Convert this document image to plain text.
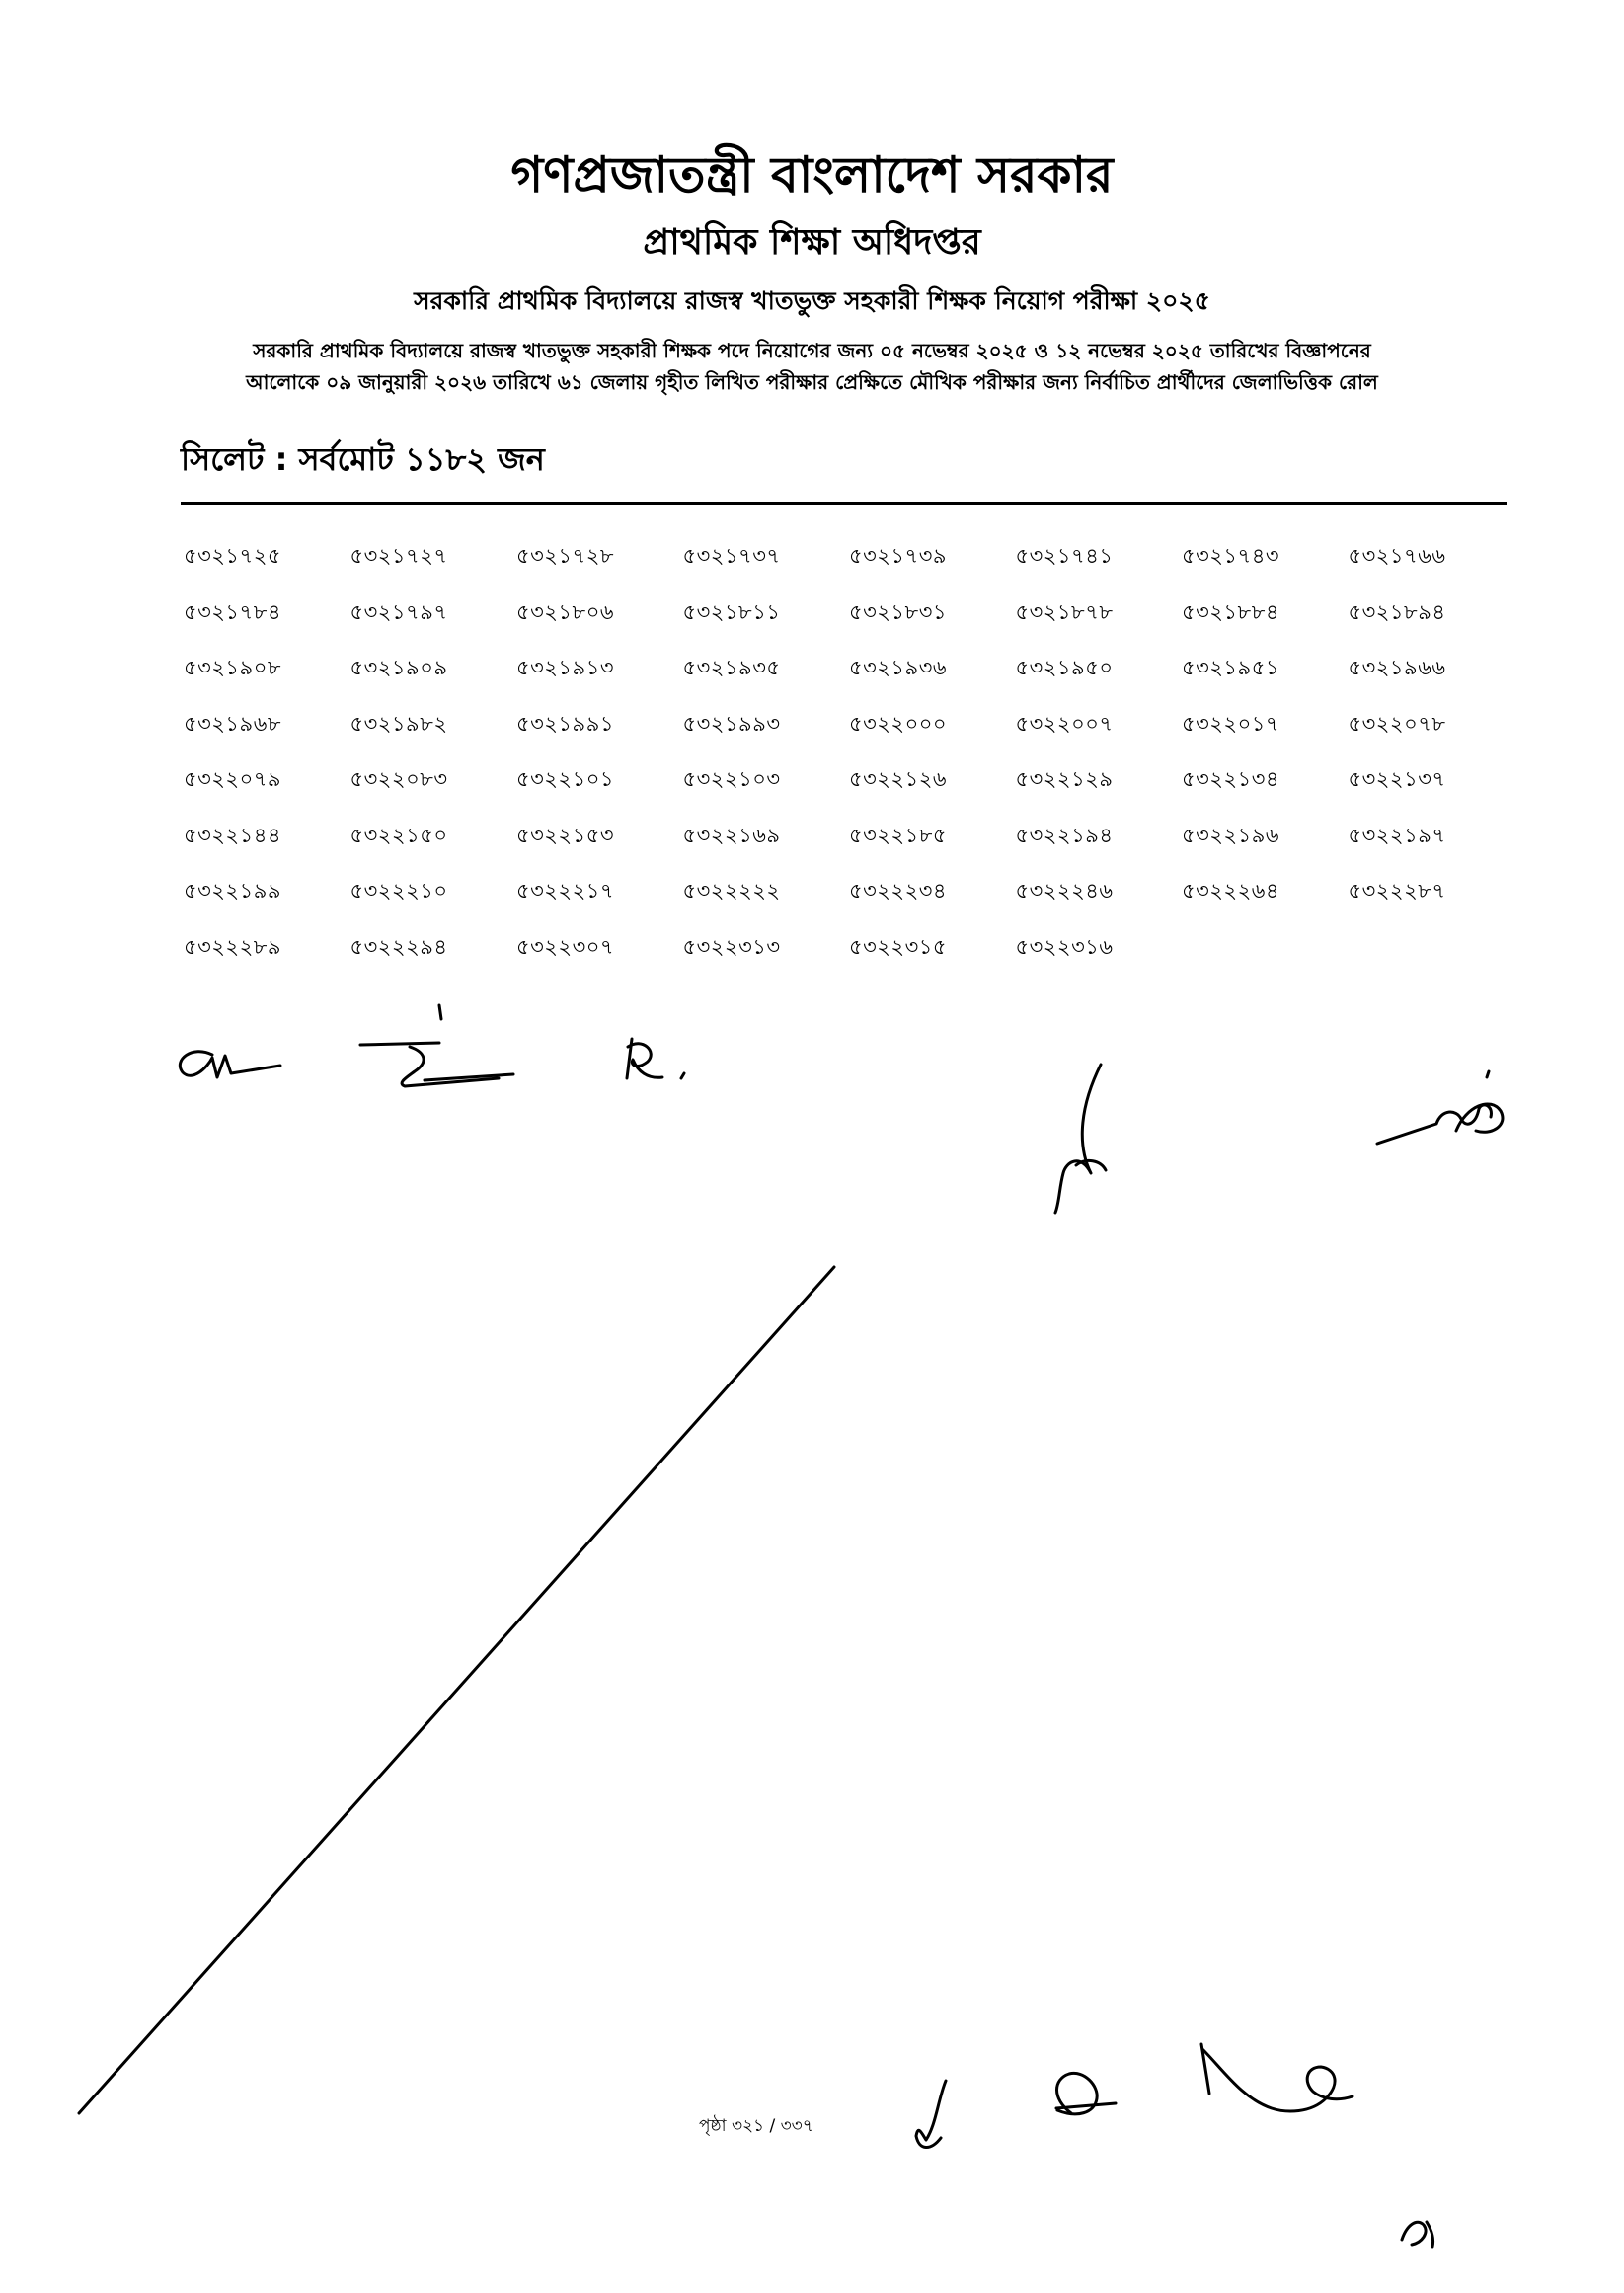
গণপ্রজাতন্ত্রী বাংলাদেশ সরকার
প্রাথমিক শিক্ষা অধিদপ্তর
সরকারি প্রাথমিক বিদ্যালয়ে রাজস্ব খাতভুক্ত সহকারী শিক্ষক নিয়োগ পরীক্ষা ২০২৫
সরকারি প্রাথমিক বিদ্যালয়ে রাজস্ব খাতভুক্ত সহকারী শিক্ষক পদে নিয়োগের জন্য ০৫ নভেম্বর ২০২৫ ও ১২ নভেম্বর ২০২৫ তারিখের বিজ্ঞাপনের
আলোকে ০৯ জানুয়ারী ২০২৬ তারিখে ৬১ জেলায় গৃহীত লিখিত পরীক্ষার প্রেক্ষিতে মৌখিক পরীক্ষার জন্য নির্বাচিত প্রার্থীদের জেলাভিত্তিক রোল
সিলেট : সর্বমোট ১১৮২ জন
৫৩২১৭২৫	৫৩২১৭২৭	৫৩২১৭২৮	৫৩২১৭৩৭	৫৩২১৭৩৯	৫৩২১৭৪১	৫৩২১৭৪৩	৫৩২১৭৬৬
৫৩২১৭৮৪	৫৩২১৭৯৭	৫৩২১৮০৬	৫৩২১৮১১	৫৩২১৮৩১	৫৩২১৮৭৮	৫৩২১৮৮৪	৫৩২১৮৯৪
৫৩২১৯০৮	৫৩২১৯০৯	৫৩২১৯১৩	৫৩২১৯৩৫	৫৩২১৯৩৬	৫৩২১৯৫০	৫৩২১৯৫১	৫৩২১৯৬৬
৫৩২১৯৬৮	৫৩২১৯৮২	৫৩২১৯৯১	৫৩২১৯৯৩	৫৩২২০০০	৫৩২২০০৭	৫৩২২০১৭	৫৩২২০৭৮
৫৩২২০৭৯	৫৩২২০৮৩	৫৩২২১০১	৫৩২২১০৩	৫৩২২১২৬	৫৩২২১২৯	৫৩২২১৩৪	৫৩২২১৩৭
৫৩২২১৪৪	৫৩২২১৫০	৫৩২২১৫৩	৫৩২২১৬৯	৫৩২২১৮৫	৫৩২২১৯৪	৫৩২২১৯৬	৫৩২২১৯৭
৫৩২২১৯৯	৫৩২২২১০	৫৩২২২১৭	৫৩২২২২২	৫৩২২২৩৪	৫৩২২২৪৬	৫৩২২২৬৪	৫৩২২২৮৭
৫৩২২২৮৯	৫৩২২২৯৪	৫৩২২৩০৭	৫৩২২৩১৩	৫৩২২৩১৫	৫৩২২৩১৬
পৃষ্ঠা ৩২১ / ৩৩৭
